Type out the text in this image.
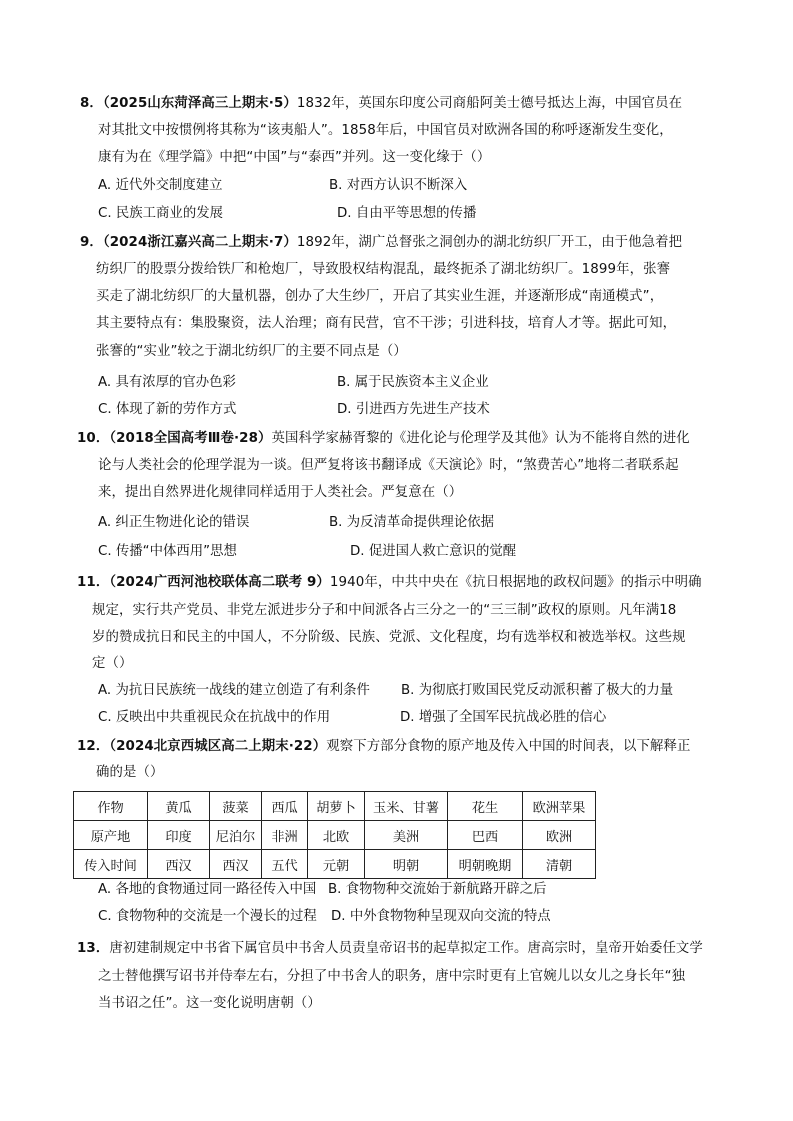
8．（2025山东菏泽高三上期末·5）1832年，英国东印度公司商船阿美士德号抵达上海，中国官员在
对其批文中按惯例将其称为“该夷船人”。1858年后，中国官员对欧洲各国的称呼逐渐发生变化，
康有为在《理学篇》中把“中国”与“泰西”并列。这一变化缘于（）
A. 近代外交制度建立	B. 对西方认识不断深入
C. 民族工商业的发展	D. 自由平等思想的传播
9．（2024浙江嘉兴高二上期末·7）1892年，湖广总督张之洞创办的湖北纺织厂开工，由于他急着把
纺织厂的股票分拨给铁厂和枪炮厂，导致股权结构混乱，最终扼杀了湖北纺织厂。1899年，张謇
买走了湖北纺织厂的大量机器，创办了大生纱厂，开启了其实业生涯，并逐渐形成“南通模式”，
其主要特点有：集股聚资，法人治理；商有民营，官不干涉；引进科技，培育人才等。据此可知，
张謇的“实业”较之于湖北纺织厂的主要不同点是（）
A. 具有浓厚的官办色彩	B. 属于民族资本主义企业
C. 体现了新的劳作方式	D. 引进西方先进生产技术
10．（2018全国高考Ⅲ卷·28）英国科学家赫胥黎的《进化论与伦理学及其他》认为不能将自然的进化
论与人类社会的伦理学混为一谈。但严复将该书翻译成《天演论》时，“煞费苦心”地将二者联系起
来，提出自然界进化规律同样适用于人类社会。严复意在（）
A. 纠正生物进化论的错误	B. 为反清革命提供理论依据
C. 传播“中体西用”思想	D. 促进国人救亡意识的觉醒
11．（2024广西河池校联体高二联考 9）1940年，中共中央在《抗日根据地的政权问题》的指示中明确
规定，实行共产党员、非党左派进步分子和中间派各占三分之一的“三三制”政权的原则。凡年满18
岁的赞成抗日和民主的中国人，不分阶级、民族、党派、文化程度，均有选举权和被选举权。这些规
定（）
A. 为抗日民族统一战线的建立创造了有利条件 B. 为彻底打败国民党反动派积蓄了极大的力量
C. 反映出中共重视民众在抗战中的作用	D. 增强了全国军民抗战必胜的信心
12．（2024北京西城区高二上期末·22）观察下方部分食物的原产地及传入中国的时间表，以下解释正
确的是（）
作物	黄瓜	菠菜	西瓜	胡萝卜	玉米、甘薯	花生	欧洲苹果
原产地	印度	尼泊尔	非洲	北欧	美洲	巴西	欧洲
传入时间	西汉	西汉	五代	元朝	明朝	明朝晚期	清朝
A. 各地的食物通过同一路径传入中国 B. 食物物种交流始于新航路开辟之后
C. 食物物种的交流是一个漫长的过程 D. 中外食物物种呈现双向交流的特点
13．唐初建制规定中书省下属官员中书舍人员责皇帝诏书的起草拟定工作。唐高宗时，皇帝开始委任文学
之士替他撰写诏书并侍奉左右，分担了中书舍人的职务，唐中宗时更有上官婉儿以女儿之身长年“独
当书诏之任”。这一变化说明唐朝（）
